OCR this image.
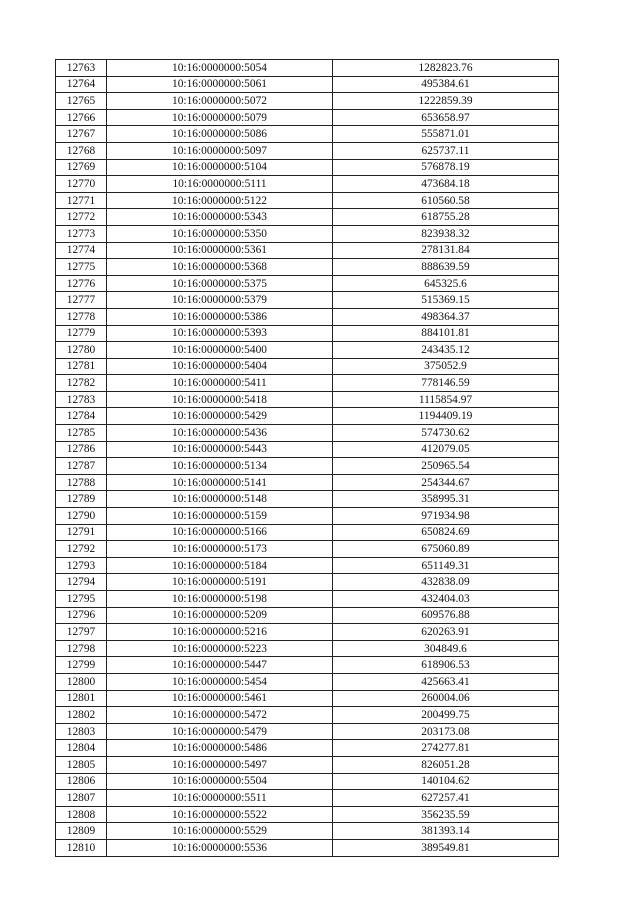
12763	10:16:0000000:5054	1282823.76
12764	10:16:0000000:5061	495384.61
12765	10:16:0000000:5072	1222859.39
12766	10:16:0000000:5079	653658.97
12767	10:16:0000000:5086	555871.01
12768	10:16:0000000:5097	625737.11
12769	10:16:0000000:5104	576878.19
12770	10:16:0000000:5111	473684.18
12771	10:16:0000000:5122	610560.58
12772	10:16:0000000:5343	618755.28
12773	10:16:0000000:5350	823938.32
12774	10:16:0000000:5361	278131.84
12775	10:16:0000000:5368	888639.59
12776	10:16:0000000:5375	645325.6
12777	10:16:0000000:5379	515369.15
12778	10:16:0000000:5386	498364.37
12779	10:16:0000000:5393	884101.81
12780	10:16:0000000:5400	243435.12
12781	10:16:0000000:5404	375052.9
12782	10:16:0000000:5411	778146.59
12783	10:16:0000000:5418	1115854.97
12784	10:16:0000000:5429	1194409.19
12785	10:16:0000000:5436	574730.62
12786	10:16:0000000:5443	412079.05
12787	10:16:0000000:5134	250965.54
12788	10:16:0000000:5141	254344.67
12789	10:16:0000000:5148	358995.31
12790	10:16:0000000:5159	971934.98
12791	10:16:0000000:5166	650824.69
12792	10:16:0000000:5173	675060.89
12793	10:16:0000000:5184	651149.31
12794	10:16:0000000:5191	432838.09
12795	10:16:0000000:5198	432404.03
12796	10:16:0000000:5209	609576.88
12797	10:16:0000000:5216	620263.91
12798	10:16:0000000:5223	304849.6
12799	10:16:0000000:5447	618906.53
12800	10:16:0000000:5454	425663.41
12801	10:16:0000000:5461	260004.06
12802	10:16:0000000:5472	200499.75
12803	10:16:0000000:5479	203173.08
12804	10:16:0000000:5486	274277.81
12805	10:16:0000000:5497	826051.28
12806	10:16:0000000:5504	140104.62
12807	10:16:0000000:5511	627257.41
12808	10:16:0000000:5522	356235.59
12809	10:16:0000000:5529	381393.14
12810	10:16:0000000:5536	389549.81
